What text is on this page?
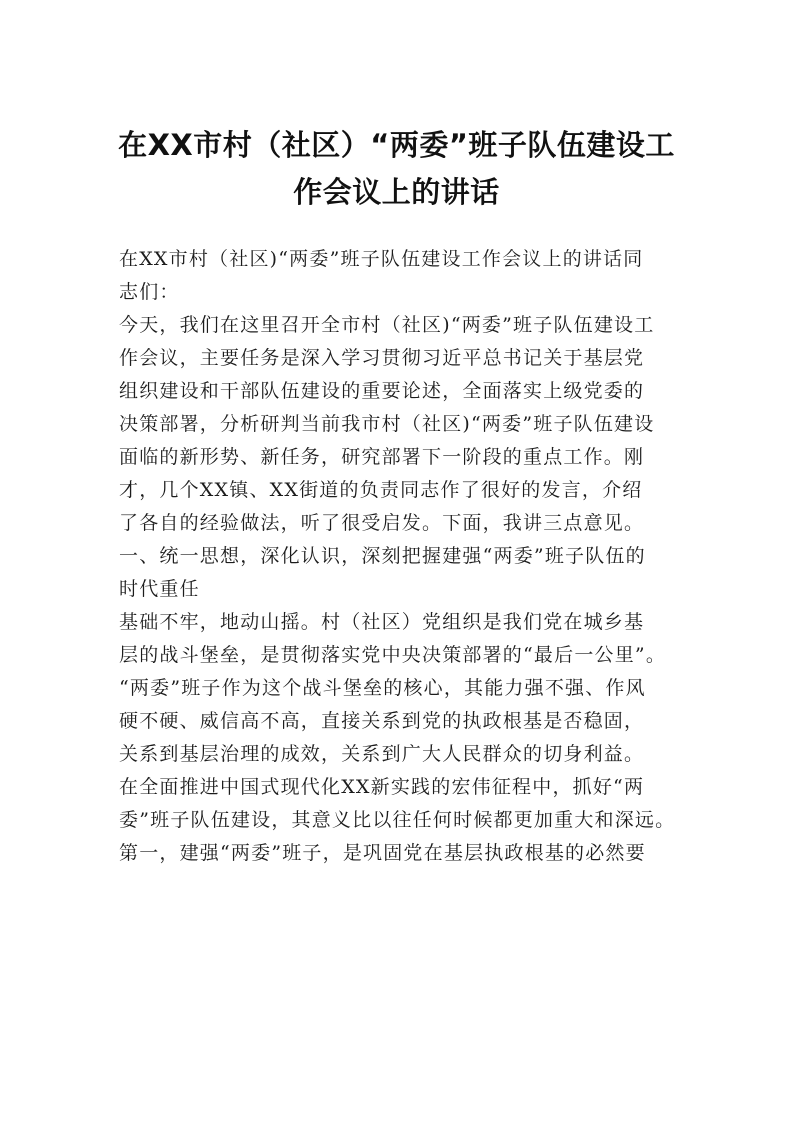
在XX市村（社区）“两委”班子队伍建设工
作会议上的讲话
在XX市村（社区)“两委”班子队伍建设工作会议上的讲话同
志们：
今天，我们在这里召开全市村（社区)“两委”班子队伍建设工
作会议，主要任务是深入学习贯彻习近平总书记关于基层党
组织建设和干部队伍建设的重要论述，全面落实上级党委的
决策部署，分析研判当前我市村（社区)“两委”班子队伍建设
面临的新形势、新任务，研究部署下一阶段的重点工作。刚
才，几个XX镇、XX街道的负责同志作了很好的发言，介绍
了各自的经验做法，听了很受启发。下面，我讲三点意见。
一、统一思想，深化认识，深刻把握建强“两委”班子队伍的
时代重任
基础不牢，地动山摇。村（社区）党组织是我们党在城乡基
层的战斗堡垒，是贯彻落实党中央决策部署的“最后一公里”。
“两委”班子作为这个战斗堡垒的核心，其能力强不强、作风
硬不硬、威信高不高，直接关系到党的执政根基是否稳固，
关系到基层治理的成效，关系到广大人民群众的切身利益。
在全面推进中国式现代化XX新实践的宏伟征程中，抓好“两
委”班子队伍建设，其意义比以往任何时候都更加重大和深远。
第一，建强“两委”班子，是巩固党在基层执政根基的必然要
